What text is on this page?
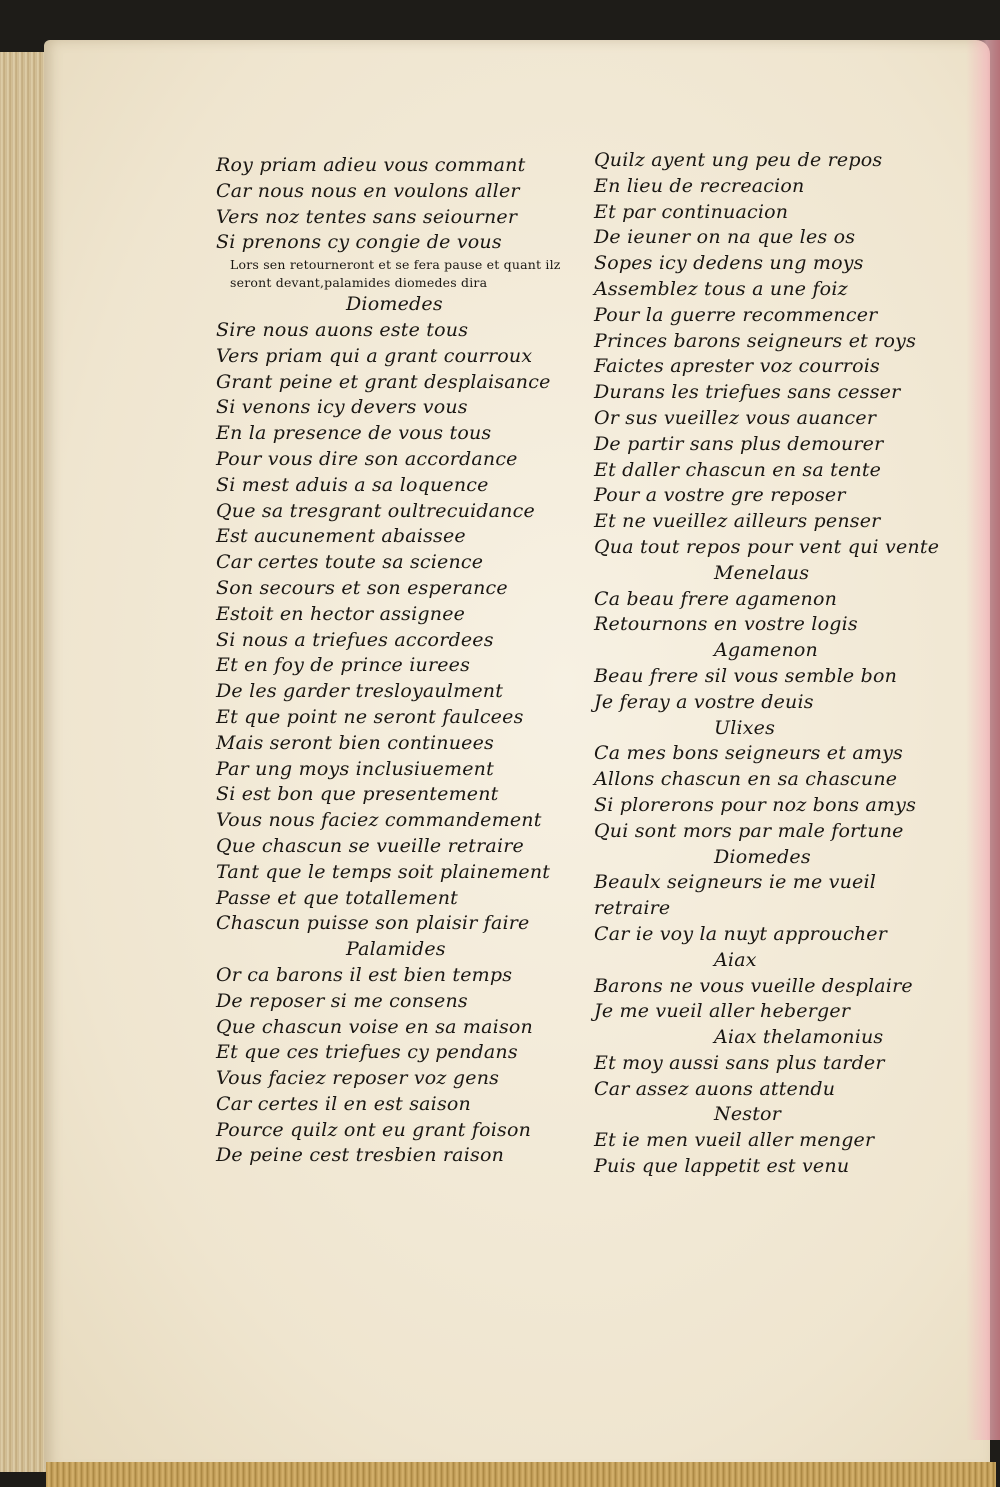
Roy priam adieu vous commant
Car nous nous en voulons aller
Vers noz tentes sans seiourner
Si prenons cy congie de vous
Lors sen retourneront et se fera pause et quant ilz
seront devant,palamides diomedes dira
Diomedes
Sire nous auons este tous
Vers priam qui a grant courroux
Grant peine et grant desplaisance
Si venons icy devers vous
En la presence de vous tous
Pour vous dire son accordance
Si mest aduis a sa loquence
Que sa tresgrant oultrecuidance
Est aucunement abaissee
Car certes toute sa science
Son secours et son esperance
Estoit en hector assignee
Si nous a triefues accordees
Et en foy de prince iurees
De les garder tresloyaulment
Et que point ne seront faulcees
Mais seront bien continuees
Par ung moys inclusiuement
Si est bon que presentement
Vous nous faciez commandement
Que chascun se vueille retraire
Tant que le temps soit plainement
Passe et que totallement
Chascun puisse son plaisir faire
Palamides
Or ca barons il est bien temps
De reposer si me consens
Que chascun voise en sa maison
Et que ces triefues cy pendans
Vous faciez reposer voz gens
Car certes il en est saison
Pource quilz ont eu grant foison
De peine cest tresbien raison
Quilz ayent ung peu de repos
En lieu de recreacion
Et par continuacion
De ieuner on na que les os
Sopes icy dedens ung moys
Assemblez tous a une foiz
Pour la guerre recommencer
Princes barons seigneurs et roys
Faictes aprester voz courrois
Durans les triefues sans cesser
Or sus vueillez vous auancer
De partir sans plus demourer
Et daller chascun en sa tente
Pour a vostre gre reposer
Et ne vueillez ailleurs penser
Qua tout repos pour vent qui vente
Menelaus
Ca beau frere agamenon
Retournons en vostre logis
Agamenon
Beau frere sil vous semble bon
Je feray a vostre deuis
Ulixes
Ca mes bons seigneurs et amys
Allons chascun en sa chascune
Si plorerons pour noz bons amys
Qui sont mors par male fortune
Diomedes
Beaulx seigneurs ie me vueil
retraire
Car ie voy la nuyt approucher
Aiax
Barons ne vous vueille desplaire
Je me vueil aller heberger
Aiax thelamonius
Et moy aussi sans plus tarder
Car assez auons attendu
Nestor
Et ie men vueil aller menger
Puis que lappetit est venu
